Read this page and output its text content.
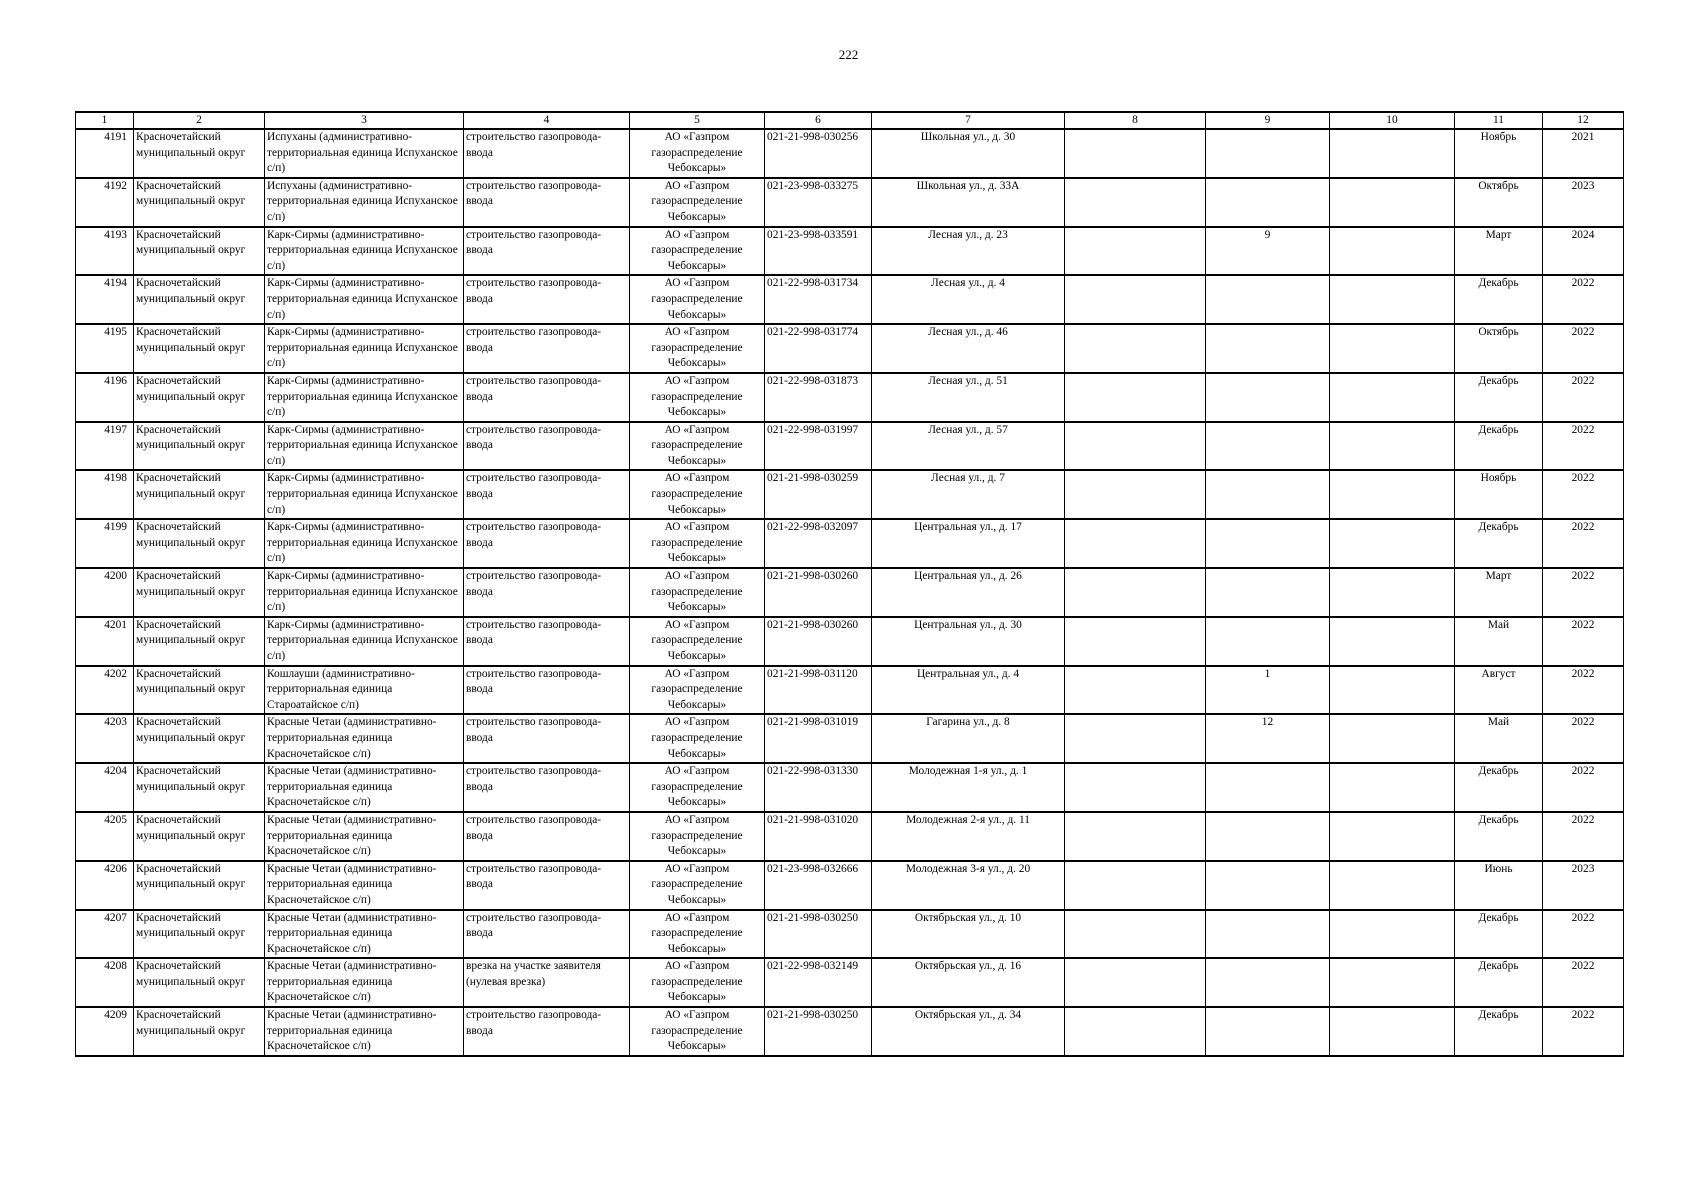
222
1	2	3	4	5	6	7	8	9	10	11	12
4191	Красночетайский муниципальный округ	Испуханы (административно-территориальная единица Испуханское с/п)	строительство газопровода-ввода	АО «Газпром газораспределение Чебоксары»	021-21-998-030256	Школьная ул., д. 30				Ноябрь	2021
4192	Красночетайский муниципальный округ	Испуханы (административно-территориальная единица Испуханское с/п)	строительство газопровода-ввода	АО «Газпром газораспределение Чебоксары»	021-23-998-033275	Школьная ул., д. 33А				Октябрь	2023
4193	Красночетайский муниципальный округ	Карк-Сирмы (административно-территориальная единица Испуханское с/п)	строительство газопровода-ввода	АО «Газпром газораспределение Чебоксары»	021-23-998-033591	Лесная ул., д. 23		9		Март	2024
4194	Красночетайский муниципальный округ	Карк-Сирмы (административно-территориальная единица Испуханское с/п)	строительство газопровода-ввода	АО «Газпром газораспределение Чебоксары»	021-22-998-031734	Лесная ул., д. 4				Декабрь	2022
4195	Красночетайский муниципальный округ	Карк-Сирмы (административно-территориальная единица Испуханское с/п)	строительство газопровода-ввода	АО «Газпром газораспределение Чебоксары»	021-22-998-031774	Лесная ул., д. 46				Октябрь	2022
4196	Красночетайский муниципальный округ	Карк-Сирмы (административно-территориальная единица Испуханское с/п)	строительство газопровода-ввода	АО «Газпром газораспределение Чебоксары»	021-22-998-031873	Лесная ул., д. 51				Декабрь	2022
4197	Красночетайский муниципальный округ	Карк-Сирмы (административно-территориальная единица Испуханское с/п)	строительство газопровода-ввода	АО «Газпром газораспределение Чебоксары»	021-22-998-031997	Лесная ул., д. 57				Декабрь	2022
4198	Красночетайский муниципальный округ	Карк-Сирмы (административно-территориальная единица Испуханское с/п)	строительство газопровода-ввода	АО «Газпром газораспределение Чебоксары»	021-21-998-030259	Лесная ул., д. 7				Ноябрь	2022
4199	Красночетайский муниципальный округ	Карк-Сирмы (административно-территориальная единица Испуханское с/п)	строительство газопровода-ввода	АО «Газпром газораспределение Чебоксары»	021-22-998-032097	Центральная ул., д. 17				Декабрь	2022
4200	Красночетайский муниципальный округ	Карк-Сирмы (административно-территориальная единица Испуханское с/п)	строительство газопровода-ввода	АО «Газпром газораспределение Чебоксары»	021-21-998-030260	Центральная ул., д. 26				Март	2022
4201	Красночетайский муниципальный округ	Карк-Сирмы (административно-территориальная единица Испуханское с/п)	строительство газопровода-ввода	АО «Газпром газораспределение Чебоксары»	021-21-998-030260	Центральная ул., д. 30				Май	2022
4202	Красночетайский муниципальный округ	Кошлауши (административно-территориальная единица Староатайское с/п)	строительство газопровода-ввода	АО «Газпром газораспределение Чебоксары»	021-21-998-031120	Центральная ул., д. 4		1		Август	2022
4203	Красночетайский муниципальный округ	Красные Четаи (административно-территориальная единица Красночетайское с/п)	строительство газопровода-ввода	АО «Газпром газораспределение Чебоксары»	021-21-998-031019	Гагарина ул., д. 8		12		Май	2022
4204	Красночетайский муниципальный округ	Красные Четаи (административно-территориальная единица Красночетайское с/п)	строительство газопровода-ввода	АО «Газпром газораспределение Чебоксары»	021-22-998-031330	Молодежная 1-я ул., д. 1				Декабрь	2022
4205	Красночетайский муниципальный округ	Красные Четаи (административно-территориальная единица Красночетайское с/п)	строительство газопровода-ввода	АО «Газпром газораспределение Чебоксары»	021-21-998-031020	Молодежная 2-я ул., д. 11				Декабрь	2022
4206	Красночетайский муниципальный округ	Красные Четаи (административно-территориальная единица Красночетайское с/п)	строительство газопровода-ввода	АО «Газпром газораспределение Чебоксары»	021-23-998-032666	Молодежная 3-я ул., д. 20				Июнь	2023
4207	Красночетайский муниципальный округ	Красные Четаи (административно-территориальная единица Красночетайское с/п)	строительство газопровода-ввода	АО «Газпром газораспределение Чебоксары»	021-21-998-030250	Октябрьская ул., д. 10				Декабрь	2022
4208	Красночетайский муниципальный округ	Красные Четаи (административно-территориальная единица Красночетайское с/п)	врезка на участке заявителя (нулевая врезка)	АО «Газпром газораспределение Чебоксары»	021-22-998-032149	Октябрьская ул., д. 16				Декабрь	2022
4209	Красночетайский муниципальный округ	Красные Четаи (административно-территориальная единица Красночетайское с/п)	строительство газопровода-ввода	АО «Газпром газораспределение Чебоксары»	021-21-998-030250	Октябрьская ул., д. 34				Декабрь	2022
